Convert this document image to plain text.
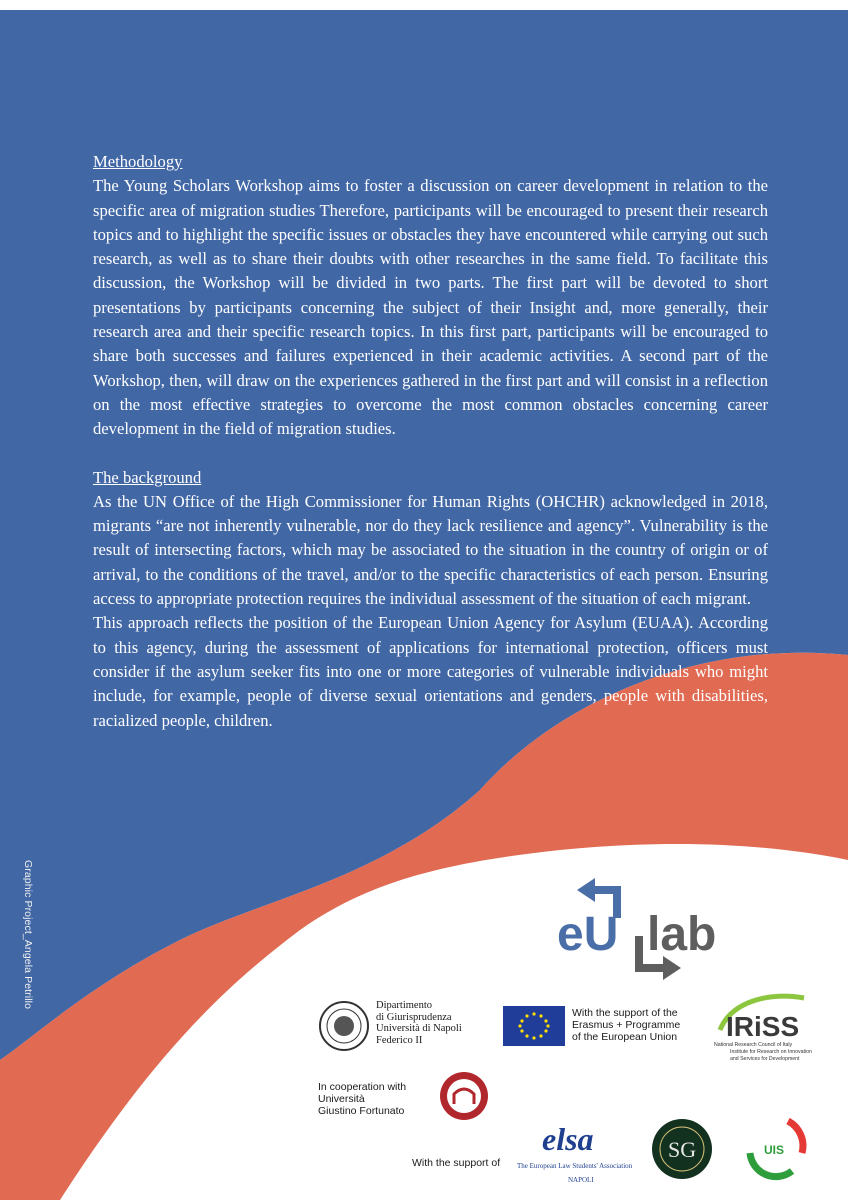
Methodology

The Young Scholars Workshop aims to foster a discussion on career development in relation to the specific area of migration studies Therefore, participants will be encouraged to present their research topics and to highlight the specific issues or obstacles they have encountered while carrying out such research, as well as to share their doubts with other researches in the same field. To facilitate this discussion, the Workshop will be divided in two parts. The first part will be devoted to short presentations by participants concerning the subject of their Insight and, more generally, their research area and their specific research topics. In this first part, participants will be encouraged to share both successes and failures experienced in their academic activities. A second part of the Workshop, then, will draw on the experiences gathered in the first part and will consist in a reflection on the most effective strategies to overcome the most common obstacles concerning career development in the field of migration studies.

The background

As the UN Office of the High Commissioner for Human Rights (OHCHR) acknowledged in 2018, migrants “are not inherently vulnerable, nor do they lack resilience and agency”. Vulnerability is the result of intersecting factors, which may be associated to the situation in the country of origin or of arrival, to the conditions of the travel, and/or to the specific characteristics of each person. Ensuring access to appropriate protection requires the individual assessment of the situation of each migrant.

This approach reflects the position of the European Union Agency for Asylum (EUAA). According to this agency, during the assessment of applications for international protection, officers must consider if the asylum seeker fits into one or more categories of vulnerable individuals who might include, for example, people of diverse sexual orientations and genders, people with disabilities, racialized people, children.

Graphic Project_Angela Petrillo	eU lab
Dipartimento
di Giurisprudenza
Università di Napoli
Federico II
With the support of the
Erasmus + Programme
of the European Union	IRiSS
National Research Council of Italy
Institute for Research on Innovation
and Services for Development
In cooperation with
Università
Giustino Fortunato
With the support of
elsa
The European Law Students' Association
NAPOLI
SG	UIS
